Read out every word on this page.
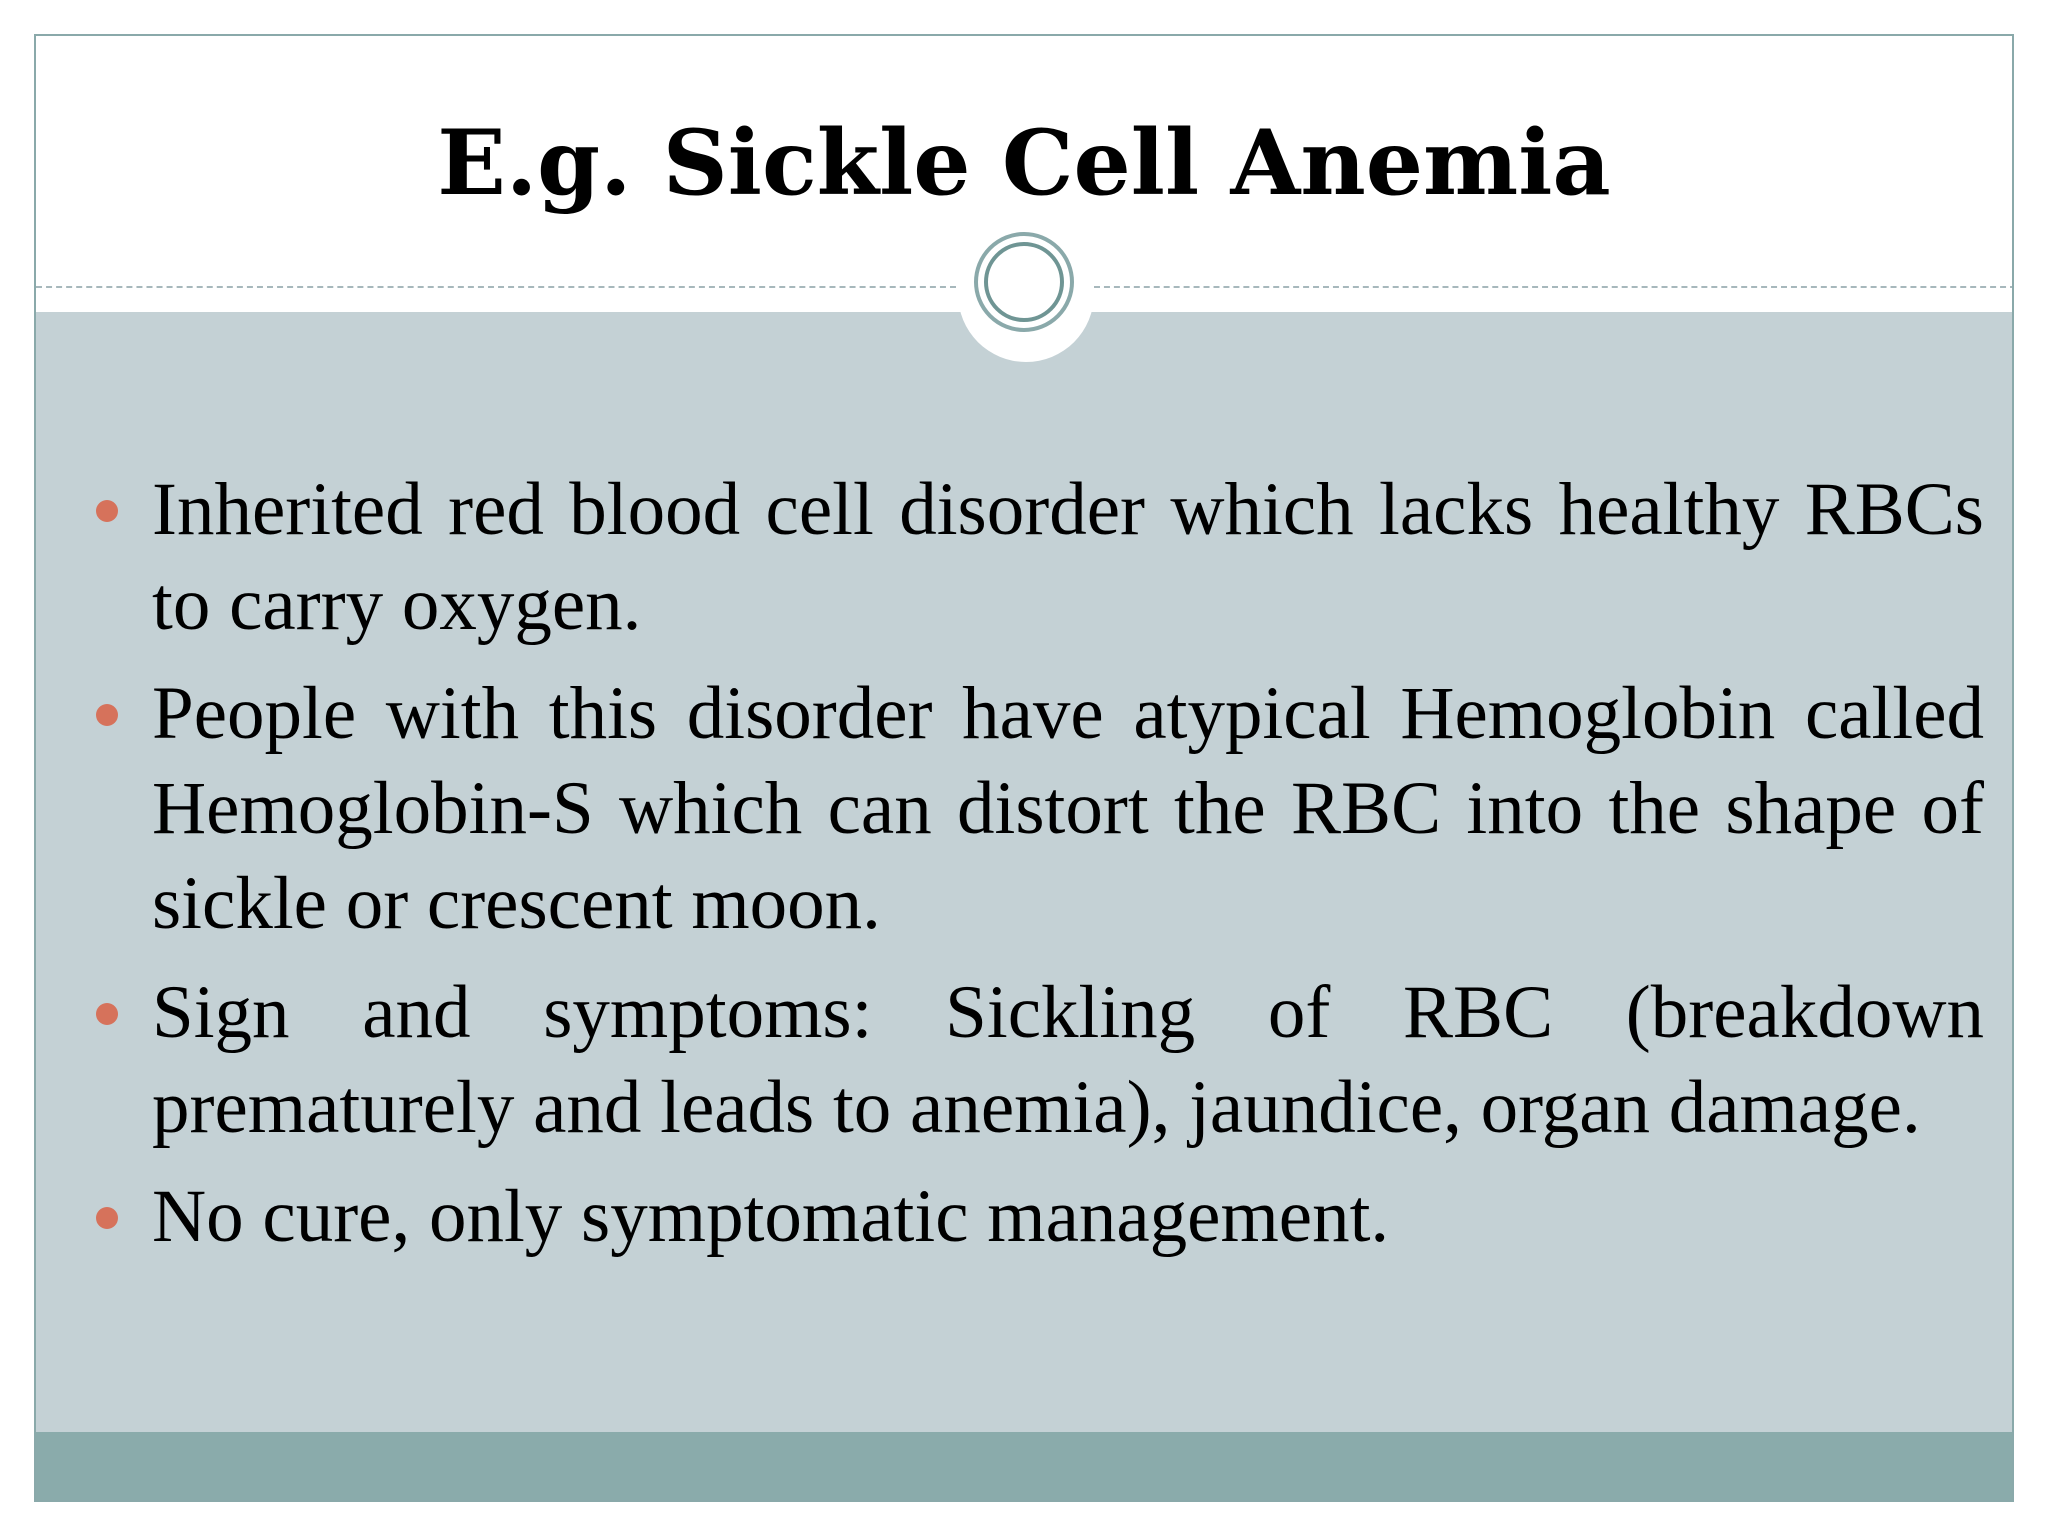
E.g. Sickle Cell Anemia
Inherited red blood cell disorder which lacks healthy RBCs to carry oxygen.
People with this disorder have atypical Hemoglobin called Hemoglobin-S which can distort the RBC into the shape of sickle or crescent moon.
Sign and symptoms: Sickling of RBC (breakdown prematurely and leads to anemia), jaundice, organ damage.
No cure, only symptomatic management.
